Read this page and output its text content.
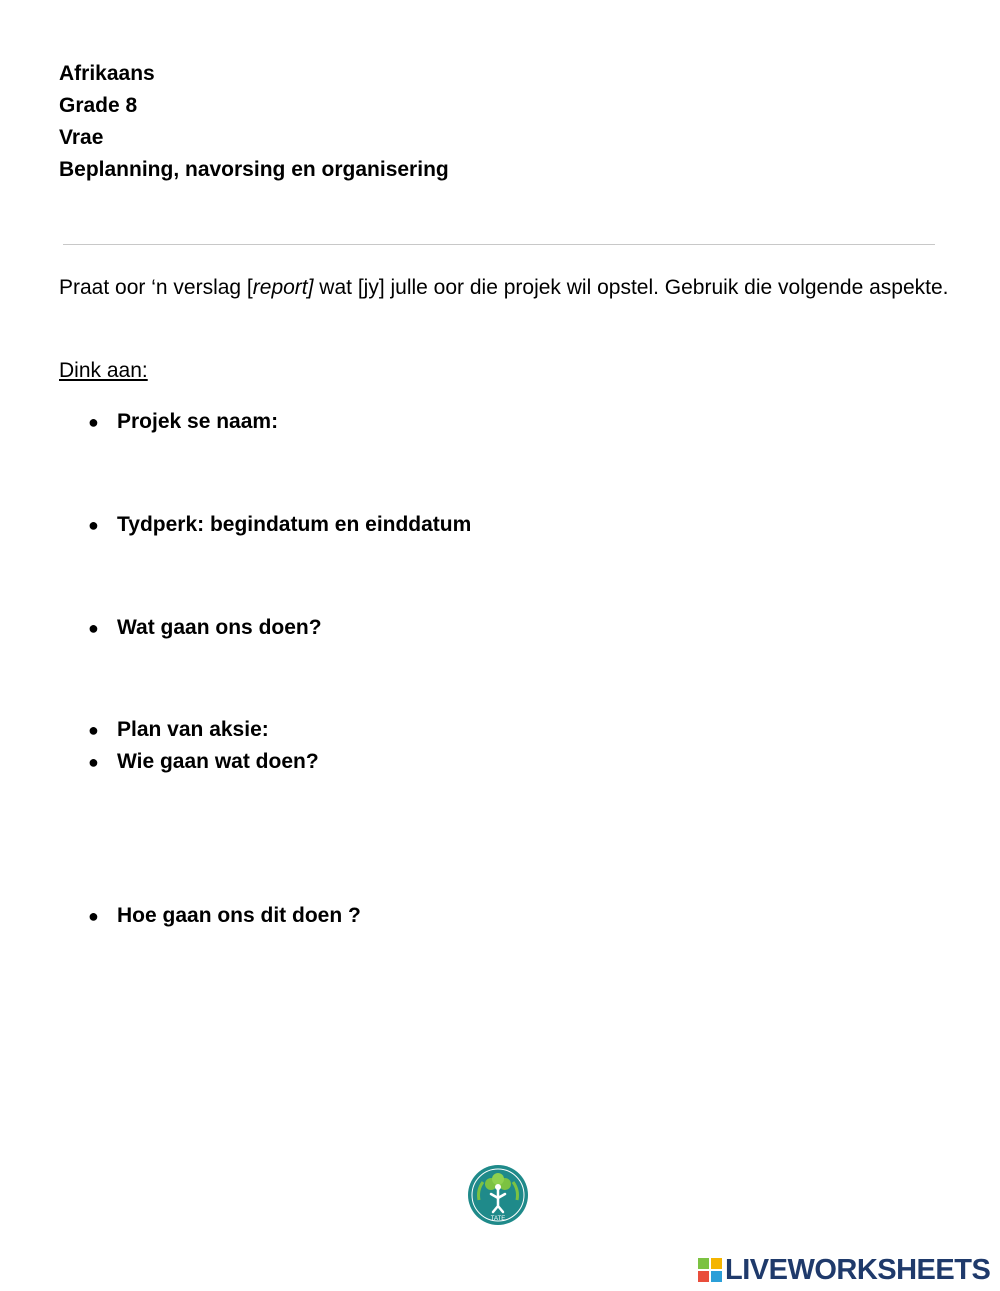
Afrikaans
Grade 8
Vrae
Beplanning, navorsing en organisering
Praat oor ‘n verslag [report] wat [jy] julle oor die projek wil opstel. Gebruik die volgende aspekte.
Dink aan:
● Projek se naam:
● Tydperk: begindatum en einddatum
● Wat gaan ons doen?
● Plan van aksie:
● Wie gaan wat doen?
● Hoe gaan ons dit doen ?
TATE
LIVEWORKSHEETS
